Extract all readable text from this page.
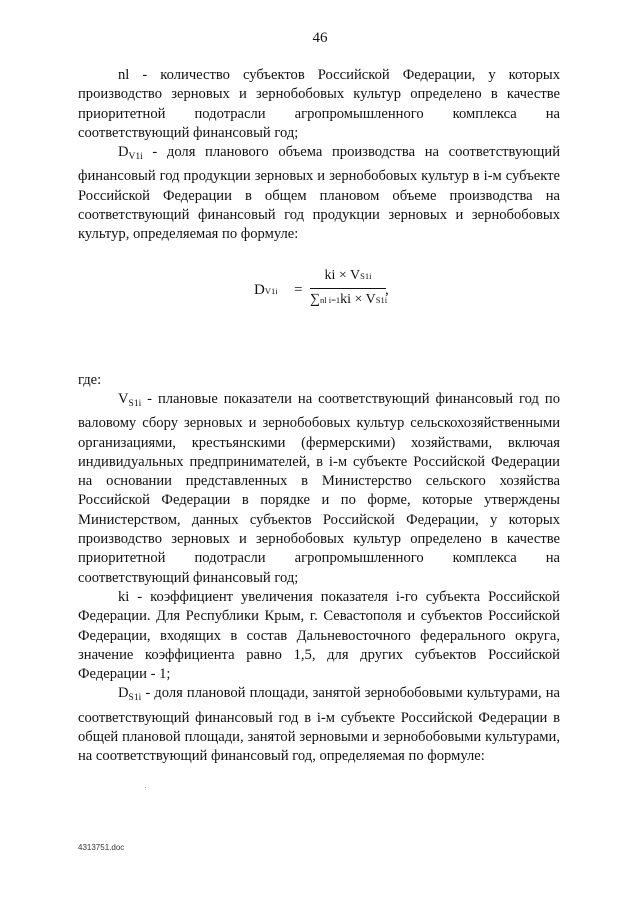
46

nl - количество субъектов Российской Федерации, у которых производство зерновых и зернобобовых культур определено в качестве приоритетной подотрасли агропромышленного комплекса на соответствующий финансовый год;

$D_{V1i}$ - доля планового объема производства на соответствующий финансовый год продукции зерновых и зернобобовых культур в i-м субъекте Российской Федерации в общем плановом объеме производства на соответствующий финансовый год продукции зерновых и зернобобовых культур, определяемая по формуле:

$DV1i = \frac{ki \times VS1i}{\text{∑nl i=1ki × VS1i}}$ ,

где:

$V_{S1i}$ - плановые показатели на соответствующий финансовый год по валовому сбору зерновых и зернобобовых культур сельскохозяйственными организациями, крестьянскими (фермерскими) хозяйствами, включая индивидуальных предпринимателей, в i-м субъекте Российской Федерации на основании представленных в Министерство сельского хозяйства Российской Федерации в порядке и по форме, которые утверждены Министерством, данных субъектов Российской Федерации, у которых производство зерновых и зернобобовых культур определено в качестве приоритетной подотрасли агропромышленного комплекса на соответствующий финансовый год;

ki - коэффициент увеличения показателя i-го субъекта Российской Федерации. Для Республики Крым, г. Севастополя и субъектов Российской Федерации, входящих в состав Дальневосточного федерального округа, значение коэффициента равно 1,5, для других субъектов Российской Федерации - 1;

$D_{S1i}$ - доля плановой площади, занятой зернобобовыми культурами, на соответствующий финансовый год в i-м субъекте Российской Федерации в общей плановой площади, занятой зерновыми и зернобобовыми культурами, на соответствующий финансовый год, определяемая по формуле:

4313751.doc
